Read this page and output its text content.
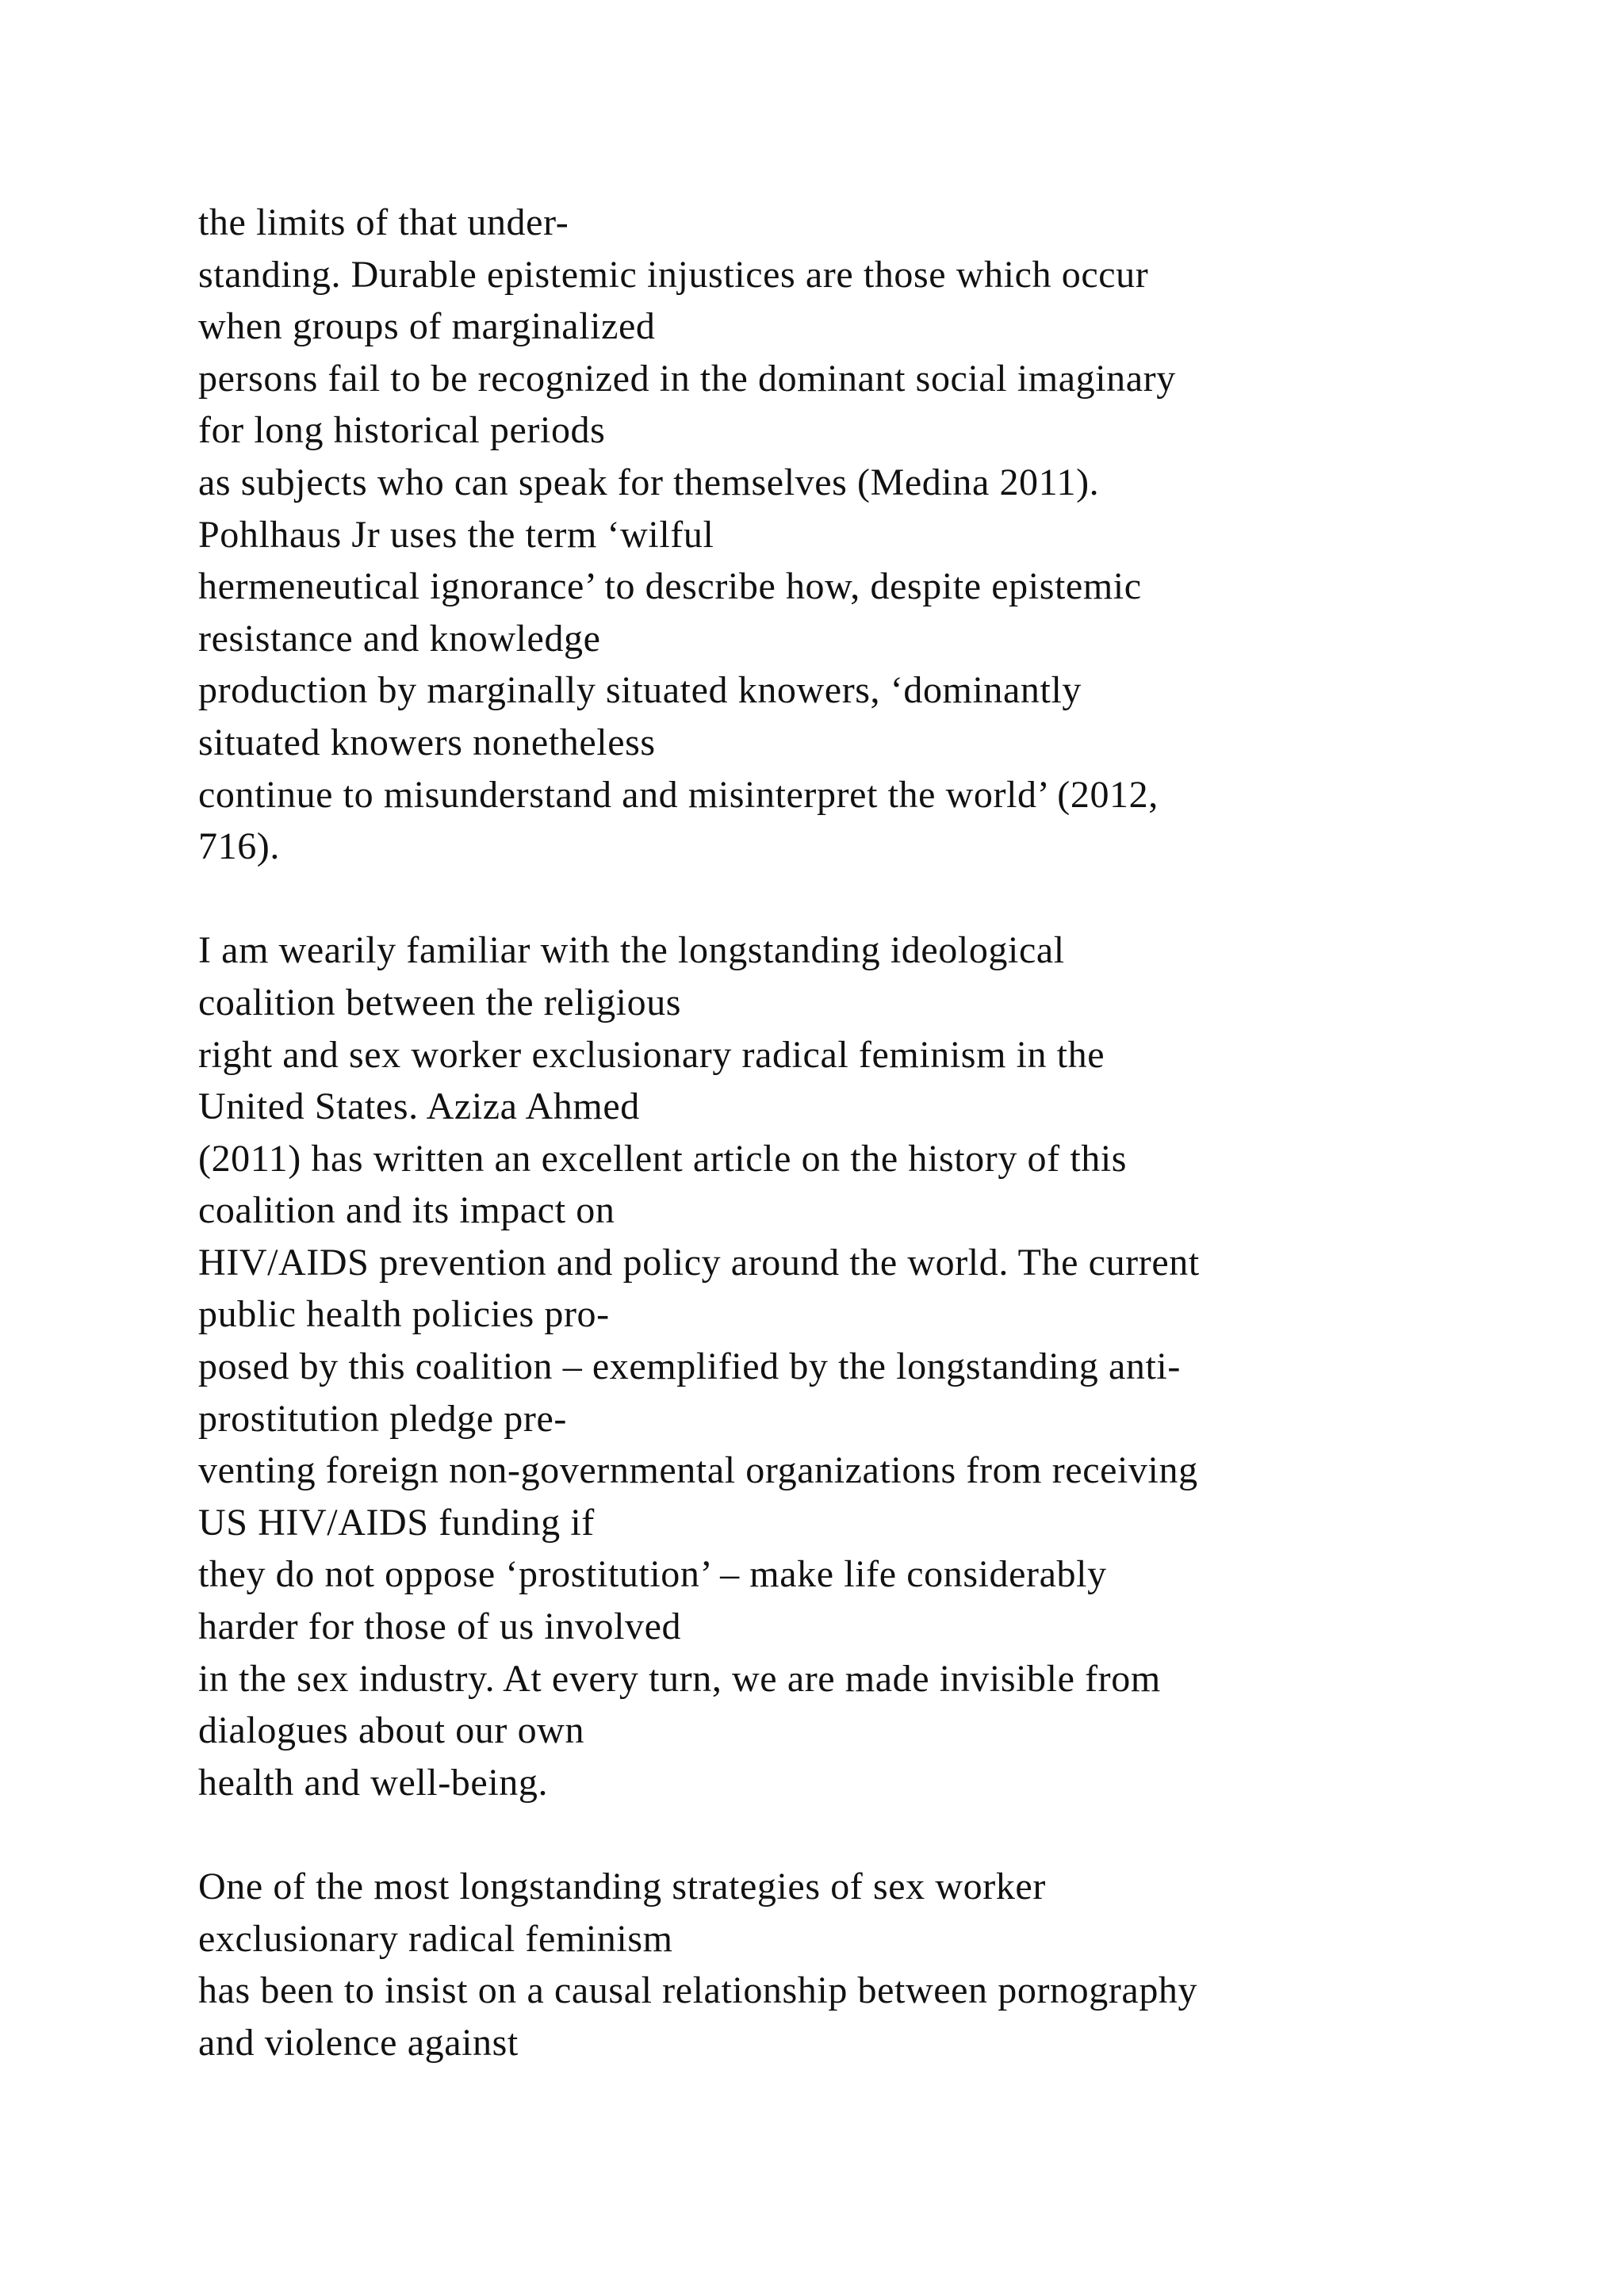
the limits of that under-
standing. Durable epistemic injustices are those which occur
when groups of marginalized
persons fail to be recognized in the dominant social imaginary
for long historical periods
as subjects who can speak for themselves (Medina 2011).
Pohlhaus Jr uses the term ‘wilful
hermeneutical ignorance’ to describe how, despite epistemic
resistance and knowledge
production by marginally situated knowers, ‘dominantly
situated knowers nonetheless
continue to misunderstand and misinterpret the world’ (2012,
716).
I am wearily familiar with the longstanding ideological
coalition between the religious
right and sex worker exclusionary radical feminism in the
United States. Aziza Ahmed
(2011) has written an excellent article on the history of this
coalition and its impact on
HIV/AIDS prevention and policy around the world. The current
public health policies pro-
posed by this coalition – exemplified by the longstanding anti-
prostitution pledge pre-
venting foreign non-governmental organizations from receiving
US HIV/AIDS funding if
they do not oppose ‘prostitution’ – make life considerably
harder for those of us involved
in the sex industry. At every turn, we are made invisible from
dialogues about our own
health and well-being.
One of the most longstanding strategies of sex worker
exclusionary radical feminism
has been to insist on a causal relationship between pornography
and violence against
